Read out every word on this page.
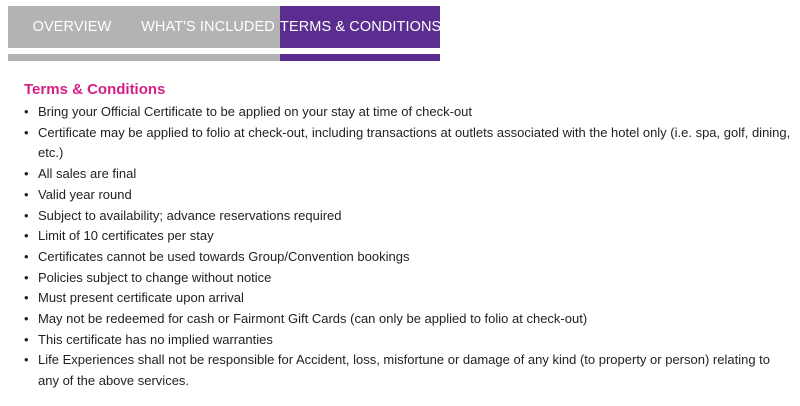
OVERVIEW	WHAT'S INCLUDED TERMS & CONDITIONS
Terms & Conditions
• Bring your Official Certificate to be applied on your stay at time of check-out
• Certificate may be applied to folio at check-out, including transactions at outlets associated with the hotel only (i.e. spa, golf, dining, etc.)
• All sales are final
• Valid year round
• Subject to availability; advance reservations required
• Limit of 10 certificates per stay
• Certificates cannot be used towards Group/Convention bookings
• Policies subject to change without notice
• Must present certificate upon arrival
• May not be redeemed for cash or Fairmont Gift Cards (can only be applied to folio at check-out)
• This certificate has no implied warranties
• Life Experiences shall not be responsible for Accident, loss, misfortune or damage of any kind (to property or person) relating to any of the above services.
